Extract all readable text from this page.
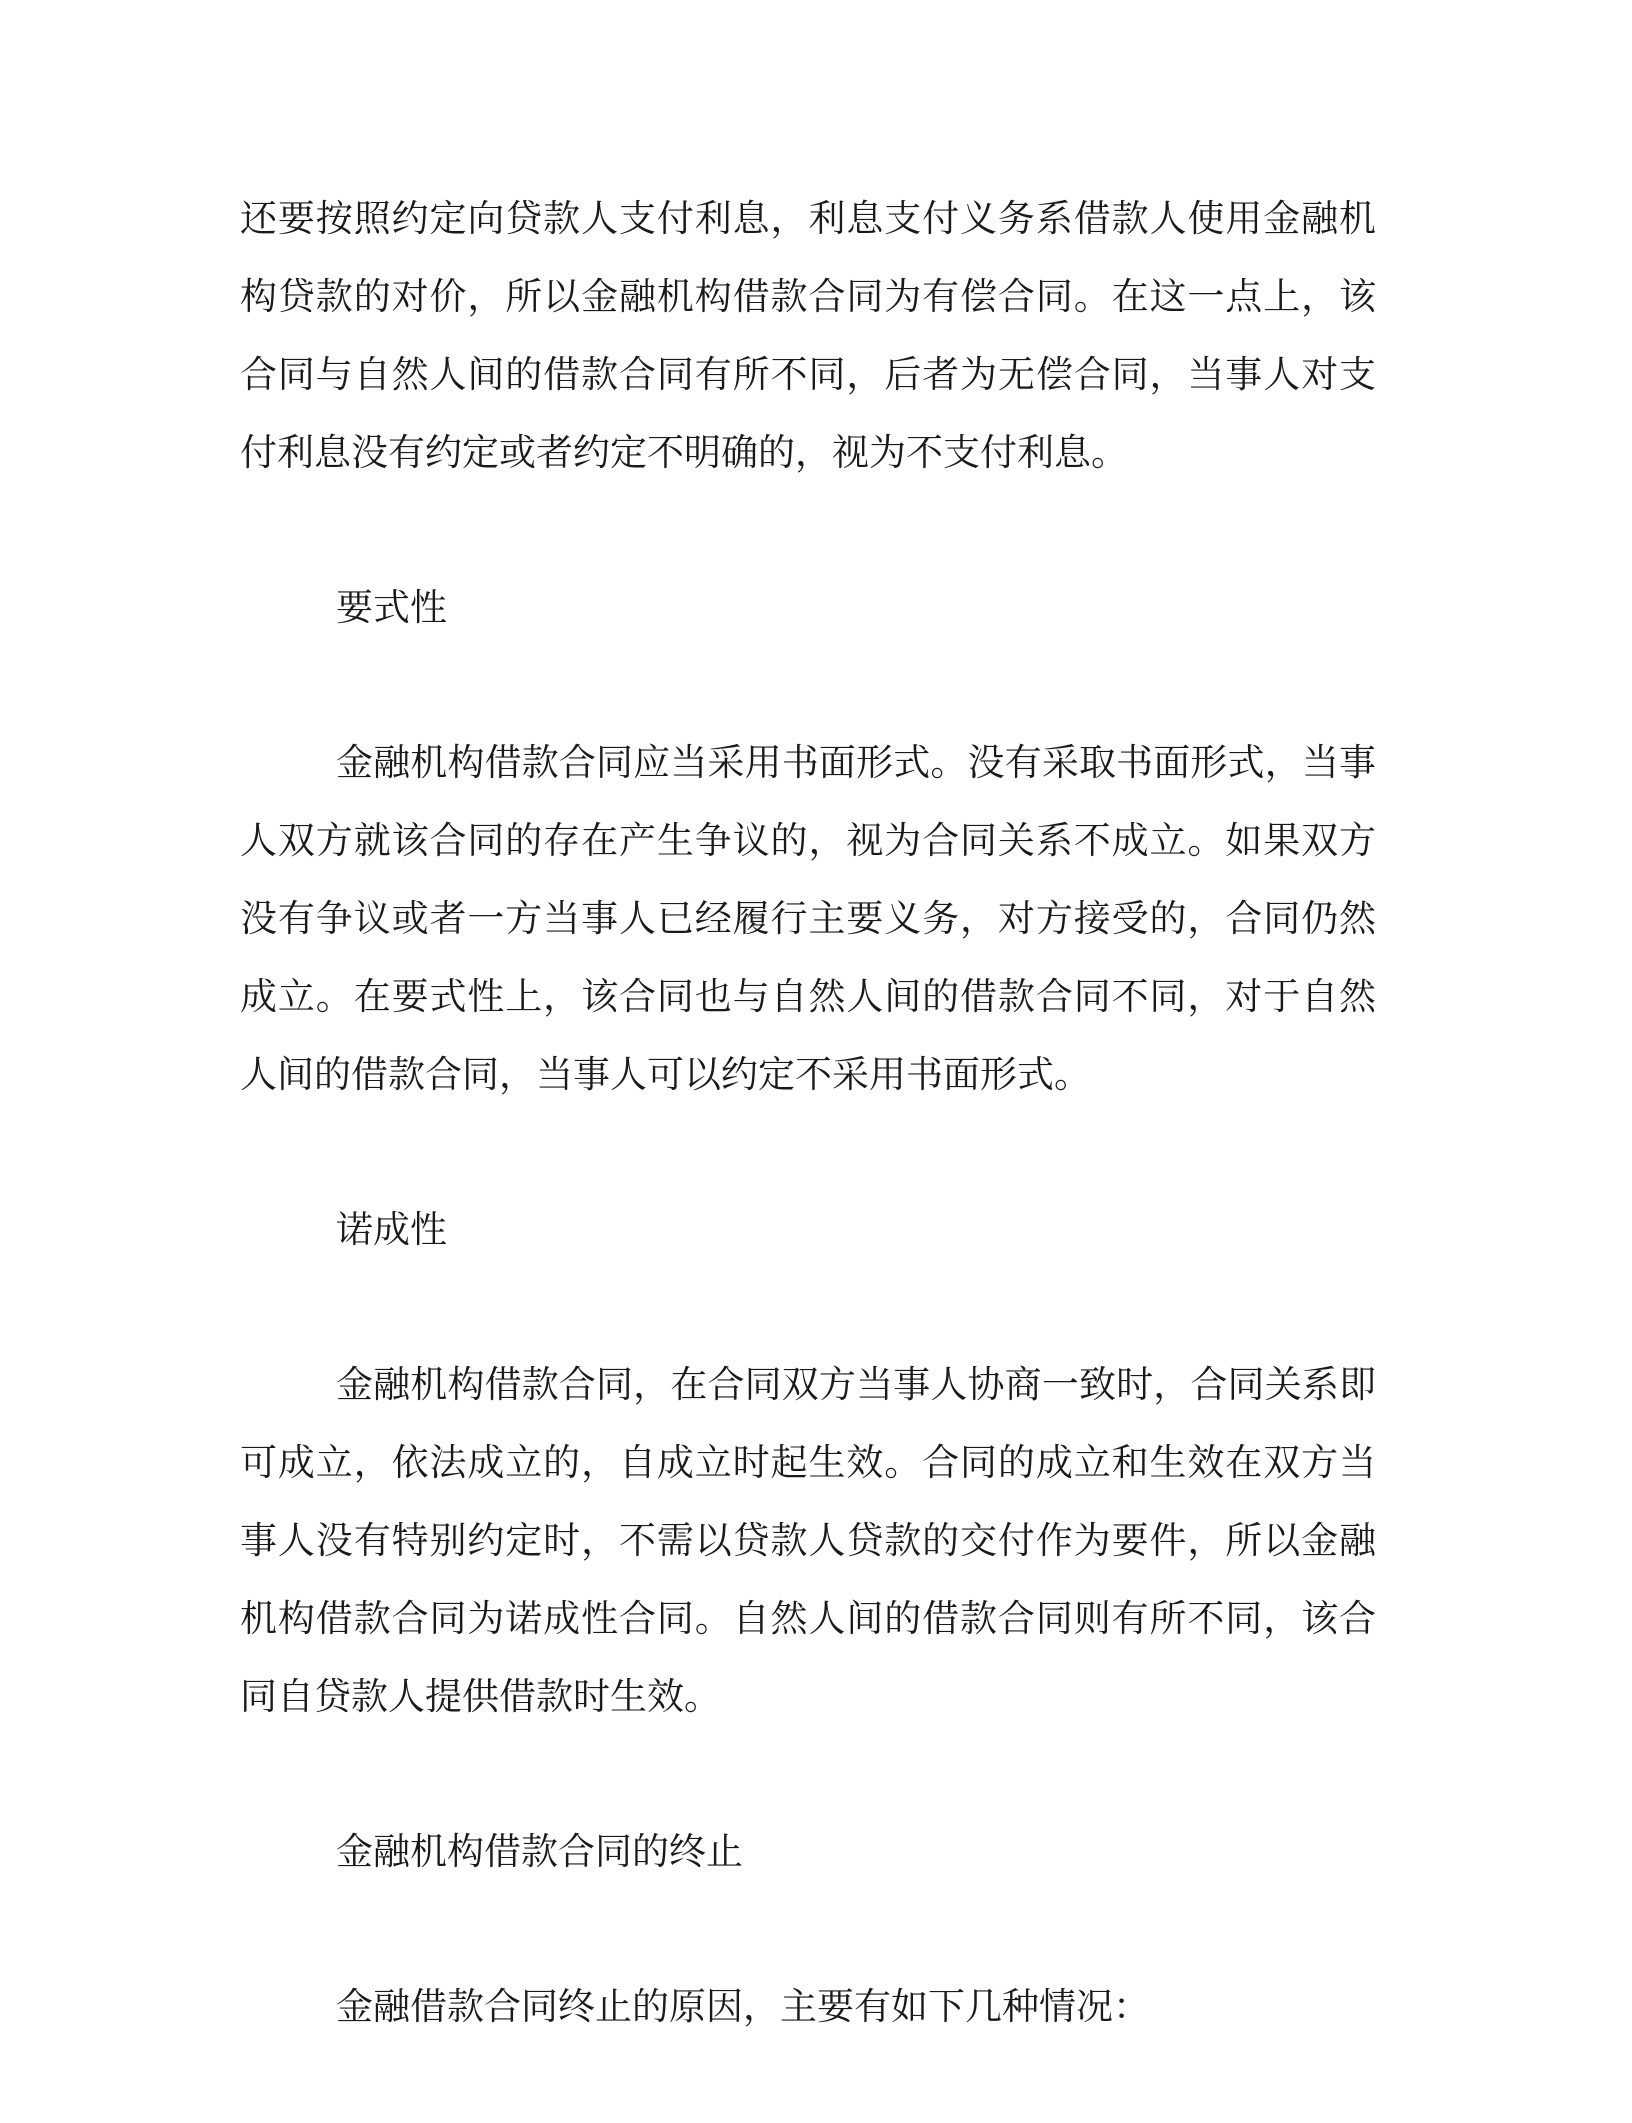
还要按照约定向贷款人支付利息，利息支付义务系借款人使用金融机构贷款的对价，所以金融机构借款合同为有偿合同。在这一点上，该合同与自然人间的借款合同有所不同，后者为无偿合同，当事人对支付利息没有约定或者约定不明确的，视为不支付利息。

要式性

金融机构借款合同应当采用书面形式。没有采取书面形式，当事人双方就该合同的存在产生争议的，视为合同关系不成立。如果双方没有争议或者一方当事人已经履行主要义务，对方接受的，合同仍然成立。在要式性上，该合同也与自然人间的借款合同不同，对于自然人间的借款合同，当事人可以约定不采用书面形式。

诺成性

金融机构借款合同，在合同双方当事人协商一致时，合同关系即可成立，依法成立的，自成立时起生效。合同的成立和生效在双方当事人没有特别约定时，不需以贷款人贷款的交付作为要件，所以金融机构借款合同为诺成性合同。自然人间的借款合同则有所不同，该合同自贷款人提供借款时生效。

金融机构借款合同的终止

金融借款合同终止的原因，主要有如下几种情况：
